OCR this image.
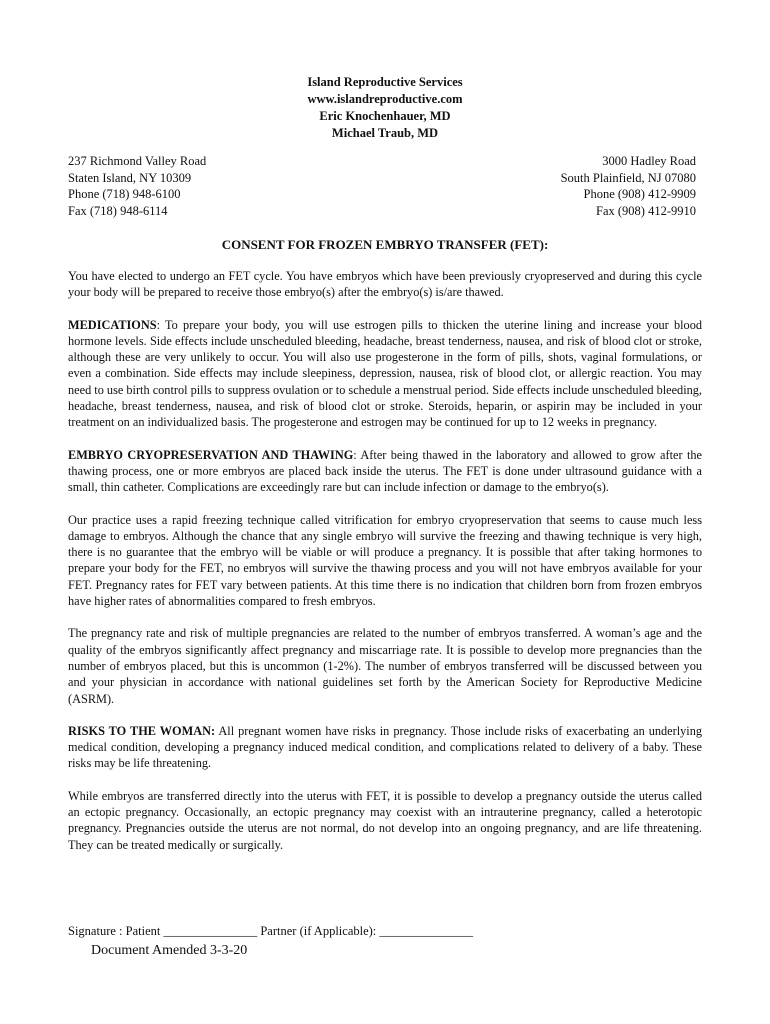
Island Reproductive Services
www.islandreproductive.com
Eric Knochenhauer, MD
Michael Traub, MD
237 Richmond Valley Road
Staten Island, NY 10309
Phone (718) 948-6100
Fax (718) 948-6114
3000 Hadley Road
South Plainfield, NJ 07080
Phone (908) 412-9909
Fax (908) 412-9910
CONSENT FOR FROZEN EMBRYO TRANSFER (FET):

You have elected to undergo an FET cycle. You have embryos which have been previously cryopreserved and during this cycle your body will be prepared to receive those embryo(s) after the embryo(s) is/are thawed.

MEDICATIONS: To prepare your body, you will use estrogen pills to thicken the uterine lining and increase your blood hormone levels. Side effects include unscheduled bleeding, headache, breast tenderness, nausea, and risk of blood clot or stroke, although these are very unlikely to occur. You will also use progesterone in the form of pills, shots, vaginal formulations, or even a combination. Side effects may include sleepiness, depression, nausea, risk of blood clot, or allergic reaction. You may need to use birth control pills to suppress ovulation or to schedule a menstrual period. Side effects include unscheduled bleeding, headache, breast tenderness, nausea, and risk of blood clot or stroke. Steroids, heparin, or aspirin may be included in your treatment on an individualized basis. The progesterone and estrogen may be continued for up to 12 weeks in pregnancy.

EMBRYO CRYOPRESERVATION AND THAWING: After being thawed in the laboratory and allowed to grow after the thawing process, one or more embryos are placed back inside the uterus. The FET is done under ultrasound guidance with a small, thin catheter. Complications are exceedingly rare but can include infection or damage to the embryo(s).

Our practice uses a rapid freezing technique called vitrification for embryo cryopreservation that seems to cause much less damage to embryos. Although the chance that any single embryo will survive the freezing and thawing technique is very high, there is no guarantee that the embryo will be viable or will produce a pregnancy. It is possible that after taking hormones to prepare your body for the FET, no embryos will survive the thawing process and you will not have embryos available for your FET. Pregnancy rates for FET vary between patients. At this time there is no indication that children born from frozen embryos have higher rates of abnormalities compared to fresh embryos.

The pregnancy rate and risk of multiple pregnancies are related to the number of embryos transferred. A woman’s age and the quality of the embryos significantly affect pregnancy and miscarriage rate. It is possible to develop more pregnancies than the number of embryos placed, but this is uncommon (1-2%). The number of embryos transferred will be discussed between you and your physician in accordance with national guidelines set forth by the American Society for Reproductive Medicine (ASRM).

RISKS TO THE WOMAN: All pregnant women have risks in pregnancy. Those include risks of exacerbating an underlying medical condition, developing a pregnancy induced medical condition, and complications related to delivery of a baby. These risks may be life threatening.

While embryos are transferred directly into the uterus with FET, it is possible to develop a pregnancy outside the uterus called an ectopic pregnancy. Occasionally, an ectopic pregnancy may coexist with an intrauterine pregnancy, called a heterotopic pregnancy. Pregnancies outside the uterus are not normal, do not develop into an ongoing pregnancy, and are life threatening. They can be treated medically or surgically.

Signature : Patient _______________ Partner (if Applicable): _______________
Document Amended 3-3-20
